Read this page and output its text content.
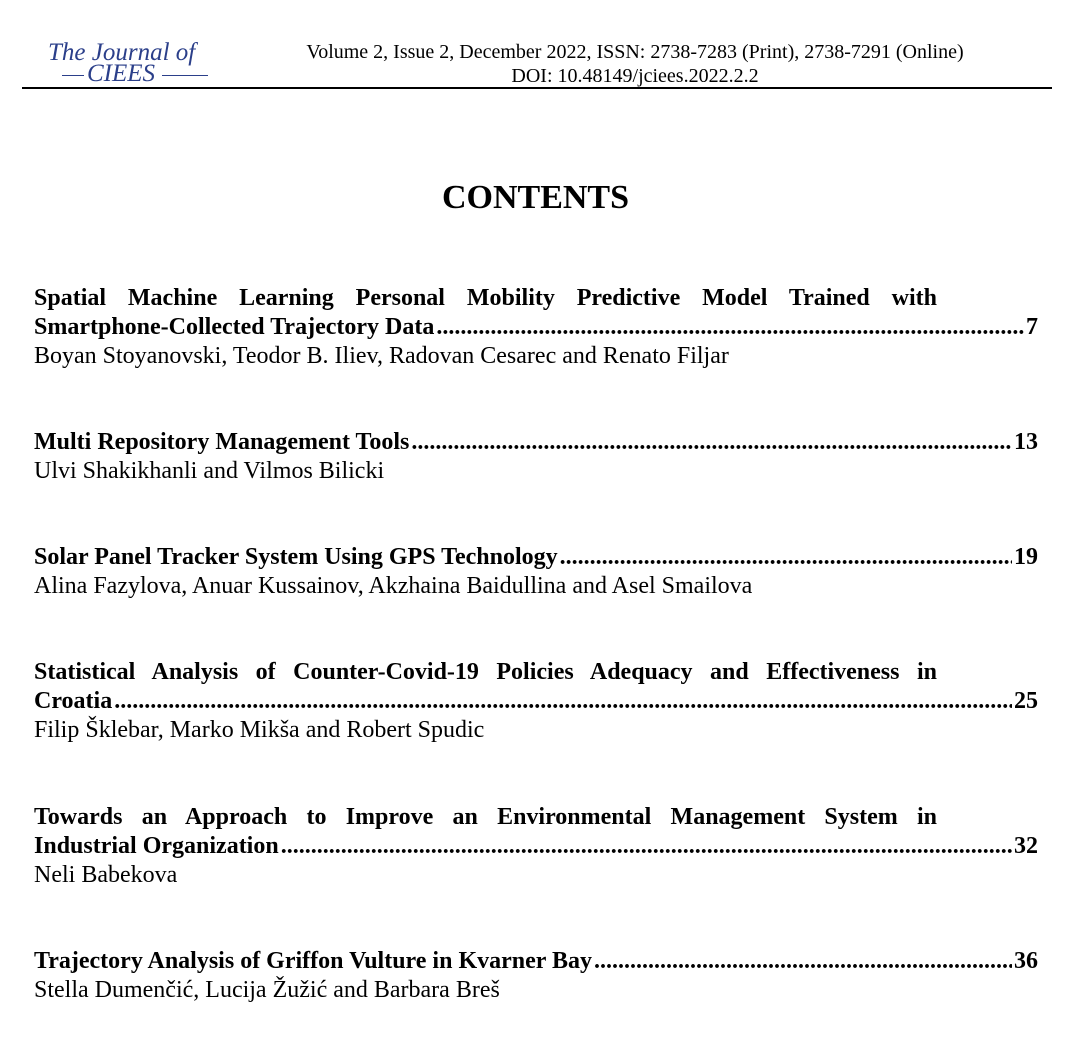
The Journal of
CIEES
Volume 2, Issue 2, December 2022, ISSN: 2738-7283 (Print), 2738-7291 (Online)
DOI: 10.48149/jciees.2022.2.2
CONTENTS
Spatial Machine Learning Personal Mobility Predictive Model Trained with
Smartphone-Collected Trajectory Data .....	7
Boyan Stoyanovski, Teodor B. Iliev, Radovan Cesarec and Renato Filjar
Multi Repository Management Tools .....	13
Ulvi Shakikhanli and Vilmos Bilicki
Solar Panel Tracker System Using GPS Technology .....	19
Alina Fazylova, Anuar Kussainov, Akzhaina Baidullina and Asel Smailova
Statistical Analysis of Counter-Covid-19 Policies Adequacy and Effectiveness in
Croatia .....	25
Filip Šklebar, Marko Mikša and Robert Spudic
Towards an Approach to Improve an Environmental Management System in
Industrial Organization .....	32
Neli Babekova
Trajectory Analysis of Griffon Vulture in Kvarner Bay .....	36
Stella Dumenčić, Lucija Žužić and Barbara Breš
